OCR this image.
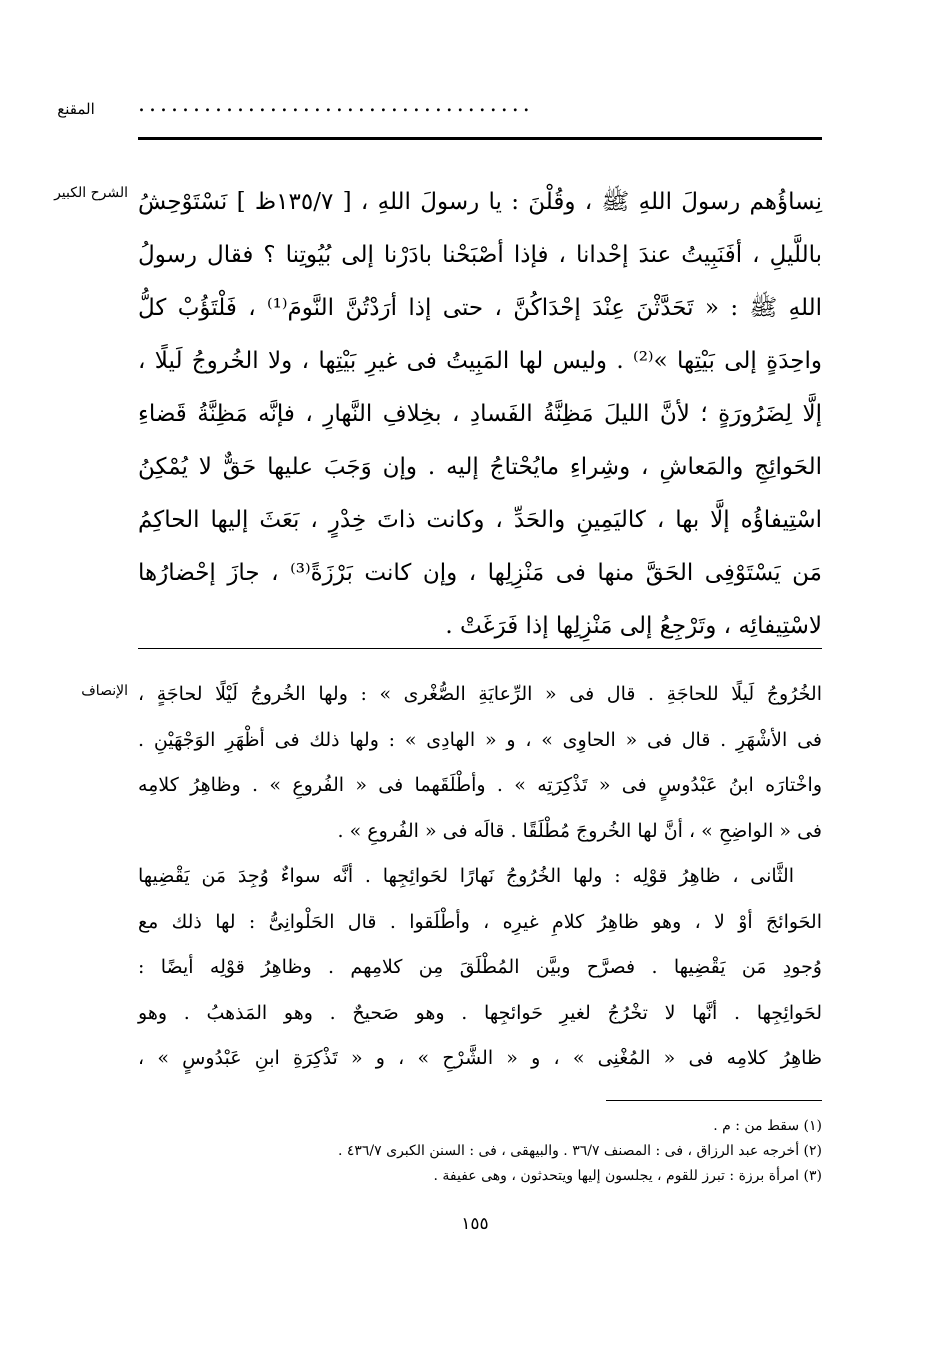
المقنع	....................................
الشرح الكبير نِساؤُهم رسولَ اللهِ ﷺ ، وقُلْنَ : يا رسولَ اللهِ ، [ ١٣٥/٧ظ ] نَسْتَوْحِشُ
باللَّيلِ ، أفَنَبِيتُ عندَ إحْدانا ، فإذا أصْبَحْنا بادَرْنا إلى بُيُوتِنا ؟ فقال رسولُ
اللهِ ﷺ : « تَحَدَّثْنَ عِنْدَ إحْدَاكُنَّ ، حتى إذا أرَدْتُنَّ النَّومَ⁽¹⁾ ، فَلْتَؤُبْ كلُّ
واحِدَةٍ إلى بَيْتِها »⁽²⁾ . وليس لها المَبِيتُ فى غيرِ بَيْتِها ، ولا الخُروجُ لَيلًا ،
إلَّا لِضَرُورَةٍ ؛ لأنَّ الليلَ مَظِنَّةُ الفَسادِ ، بخِلافِ النَّهارِ ، فإنَّه مَظِنَّةُ قَضاءِ
الحَوائِجِ والمَعاشِ ، وشِراءِ مايُحْتاجُ إليه . وإن وَجَبَ عليها حَقٌّ لا يُمْكِنُ
اسْتِيفاؤُه إلَّا بها ، كاليَمِينِ والحَدِّ ، وكانت ذاتَ خِدْرٍ ، بَعَثَ إليها الحاكِمُ
مَن يَسْتَوْفِى الحَقَّ منها فى مَنْزِلِها ، وإن كانت بَرْزَةً⁽³⁾ ، جازَ إحْضارُها
لاسْتِيفائِه ، وتَرْجِعُ إلى مَنْزِلِها إذا فَرَغَتْ .
الإنصاف الخُرُوجُ لَيلًا للحاجَةِ . قال فى « الرِّعايَةِ الصُّغْرى » : ولها الخُروجُ لَيْلًا لحاجَةٍ ،
فى الأشْهَرِ . قال فى « الحاوِى » ، و « الهادِى » : ولها ذلك فى أظْهَرِ الوَجْهَيْنِ .
واخْتارَه ابنُ عَبْدُوسٍ فى « تَذْكِرَتِه » . وأطْلَقَهما فى « الفُروعِ » . وظاهِرُ كلامِه
فى « الواضِحِ » ، أنَّ لها الخُروجَ مُطْلَقًا . قالَه فى « الفُروعِ » .
الثَّانى ، ظاهِرُ قوْلِه : ولها الخُرُوجُ نَهارًا لحَوائِجِها . أنَّه سواءٌ وُجِدَ مَن يَقْضِيها
الحَوائجَ أوْ لا ، وهو ظاهِرُ كلامِ غيرِه ، وأطْلَقوا . قال الحَلْوانِىُّ : لها ذلك مع
وُجودِ مَن يَقْضِيها . فصرَّح وبيَّن المُطْلَقَ مِن كلامِهم . وظاهِرُ قوْلِه أيضًا :
لحَوائِجِها . أنَّها لا تخْرُجُ لغيرِ حَوائجِها . وهو صَحيحٌ . وهو المَذهبُ . وهو
ظاهِرُ كلامِه فى « المُغْنِى » ، و « الشَّرْحِ » ، و « تَذْكِرَةِ ابنِ عَبْدُوسٍ » ،
(١) سقط من : م .
(٢) أخرجه عبد الرزاق ، فى : المصنف ٣٦/٧ . والبيهقى ، فى : السنن الكبرى ٤٣٦/٧ .
(٣) امرأة برزة : تبرز للقوم ، يجلسون إليها ويتحدثون ، وهى عفيفة .
١٥٥
